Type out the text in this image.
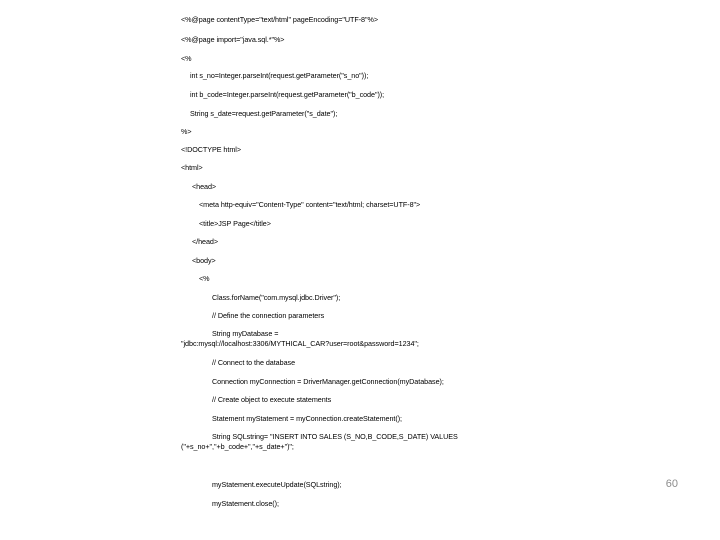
<%@page contentType="text/html" pageEncoding="UTF-8"%>
<%@page import="java.sql.*"%>
<%
int s_no=Integer.parseInt(request.getParameter("s_no"));
int b_code=Integer.parseInt(request.getParameter("b_code"));
String s_date=request.getParameter("s_date");
%>
<!DOCTYPE html>
<html>
<head>
<meta http-equiv="Content-Type" content="text/html; charset=UTF-8">
<title>JSP Page</title>
</head>
<body>
<%
Class.forName("com.mysql.jdbc.Driver");
// Define the connection parameters
String myDatabase =
"jdbc:mysql://localhost:3306/MYTHICAL_CAR?user=root&password=1234";
// Connect to the database
Connection myConnection = DriverManager.getConnection(myDatabase);
// Create object to execute statements
Statement myStatement = myConnection.createStatement();
String SQLstring= "INSERT INTO SALES (S_NO,B_CODE,S_DATE) VALUES
("+s_no+","+b_code+","+s_date+")";
myStatement.executeUpdate(SQLstring);
myStatement.close();
60
